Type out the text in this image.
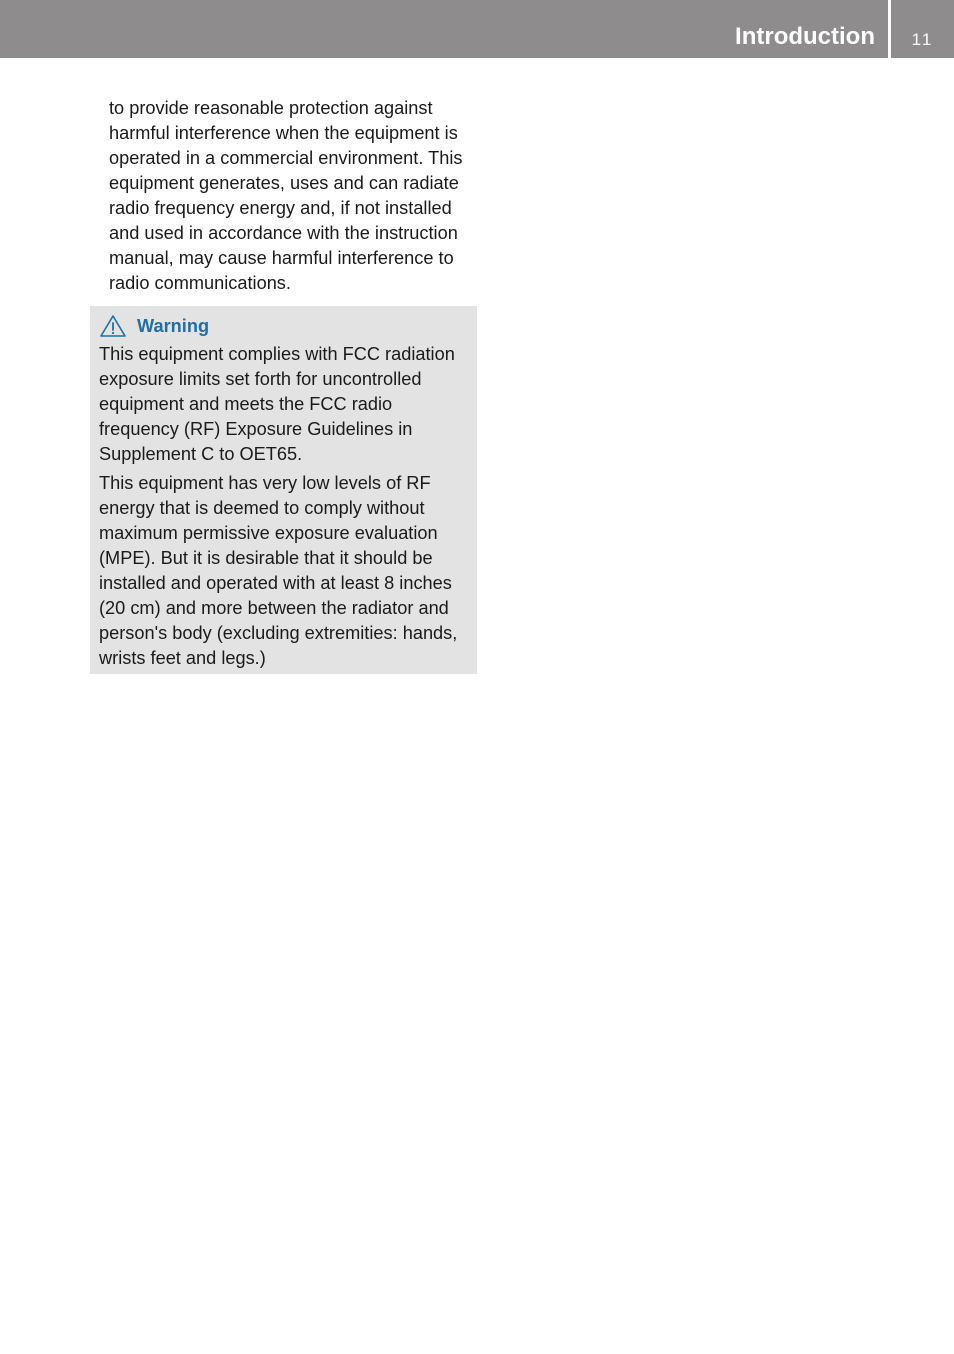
Introduction	11

to provide reasonable protection against harmful interference when the equipment is operated in a commercial environment. This equipment generates, uses and can radiate radio frequency energy and, if not installed and used in accordance with the instruction manual, may cause harmful interference to radio communications.

Warning

This equipment complies with FCC radiation exposure limits set forth for uncontrolled equipment and meets the FCC radio frequency (RF) Exposure Guidelines in Supplement C to OET65.

This equipment has very low levels of RF energy that is deemed to comply without maximum permissive exposure evaluation (MPE). But it is desirable that it should be installed and operated with at least 8 inches (20 cm) and more between the radiator and person's body (excluding extremities: hands, wrists feet and legs.)
